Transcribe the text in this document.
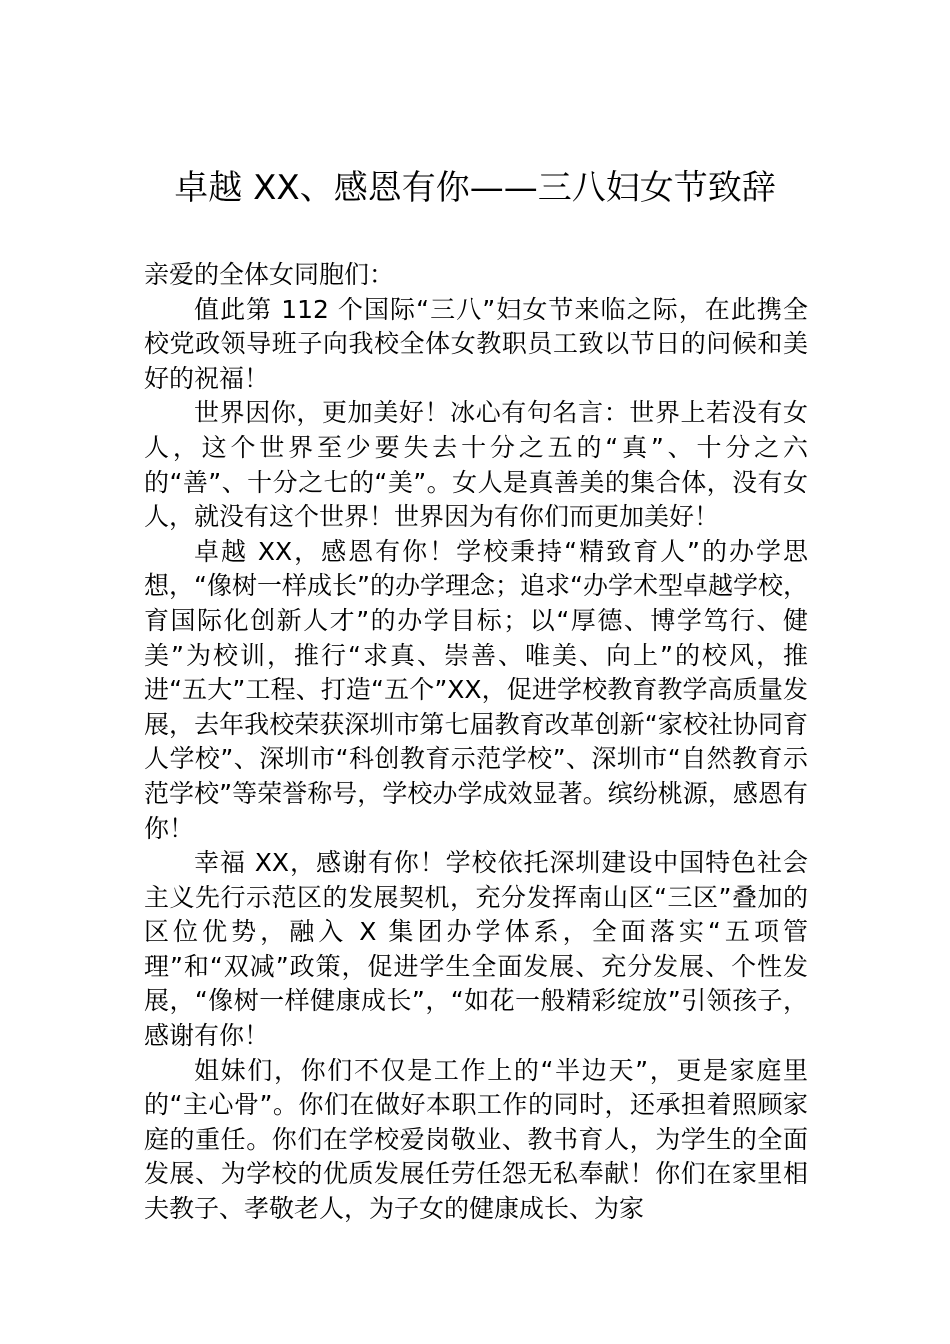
卓越 XX、感恩有你——三八妇女节致辞

亲爱的全体女同胞们：

值此第 112 个国际“三八”妇女节来临之际，在此携全校党政领导班子向我校全体女教职员工致以节日的问候和美好的祝福！

世界因你，更加美好！冰心有句名言：世界上若没有女人，这个世界至少要失去十分之五的“真”、十分之六的“善”、十分之七的“美”。女人是真善美的集合体，没有女人，就没有这个世界！世界因为有你们而更加美好！

卓越 XX，感恩有你！学校秉持“精致育人”的办学思想，“像树一样成长”的办学理念；追求“办学术型卓越学校，育国际化创新人才”的办学目标；以“厚德、博学笃行、健美”为校训，推行“求真、崇善、唯美、向上”的校风，推进“五大”工程、打造“五个”XX，促进学校教育教学高质量发展，去年我校荣获深圳市第七届教育改革创新“家校社协同育人学校”、深圳市“科创教育示范学校”、深圳市“自然教育示范学校”等荣誉称号，学校办学成效显著。缤纷桃源，感恩有你！

幸福 XX，感谢有你！学校依托深圳建设中国特色社会主义先行示范区的发展契机，充分发挥南山区“三区”叠加的区位优势，融入 X 集团办学体系，全面落实“五项管理”和“双减”政策，促进学生全面发展、充分发展、个性发展，“像树一样健康成长”，“如花一般精彩绽放”引领孩子，感谢有你！

姐妹们，你们不仅是工作上的“半边天”，更是家庭里的“主心骨”。你们在做好本职工作的同时，还承担着照顾家庭的重任。你们在学校爱岗敬业、教书育人，为学生的全面发展、为学校的优质发展任劳任怨无私奉献！你们在家里相夫教子、孝敬老人，为子女的健康成长、为家
